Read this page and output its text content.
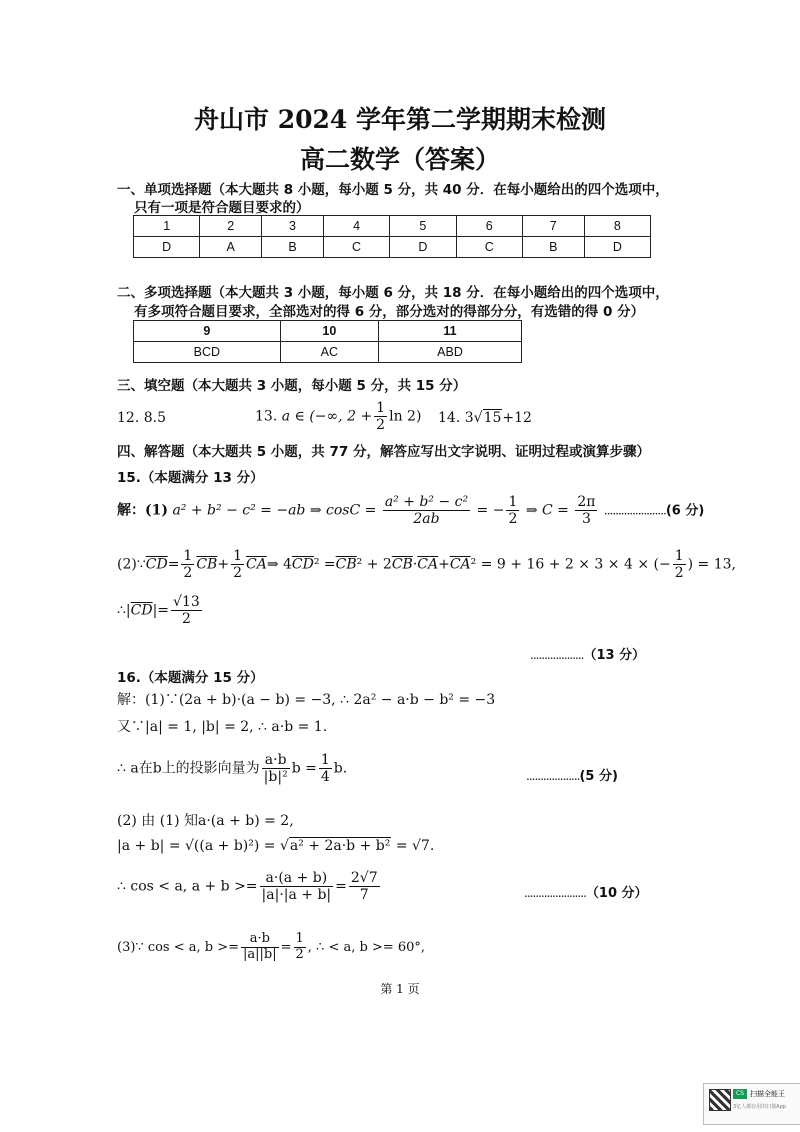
舟山市 2024 学年第二学期期末检测
高二数学（答案）
一、单项选择题（本大题共 8 小题，每小题 5 分，共 40 分．在每小题给出的四个选项中，
只有一项是符合题目要求的）
1	2	3	4	5	6	7	8
D	A	B	C	D	C	B	D
二、多项选择题（本大题共 3 小题，每小题 6 分，共 18 分．在每小题给出的四个选项中，
有多项符合题目要求，全部选对的得 6 分，部分选对的得部分分，有选错的得 0 分）
9	10	11
BCD	AC	ABD
三、填空题（本大题共 3 小题，每小题 5 分，共 15 分）
12. 8.5	13. a ∈ (−∞, $2 + \frac{1}{2}$ ln 2) 14. 3√15+12
四、解答题（本大题共 5 小题，共 77 分，解答应写出文字说明、证明过程或演算步骤）
15.（本题满分 13 分）
解：(1) a² + b² − c² = −ab ⇒ $\cos C = \frac{\text{a² + b² − c²}}{2ab}$ = − $\frac{1}{2}$ ⇒ $C = \frac{2\pi}{3} ......................(6$ 分)
$(2)\because\overline{CD}= \frac{1}{2} \overline{CB}+ \frac{1}{2}$ $\overline{CA}\Rightarrow$ $4\overline{CD}^2 =\overline{CB}^2 + 2\overline{CB}\cdot\overline{CA}+\overline{CA}^2 = 9 + 16 + 2 \times 3 \times 4$ × (− $\frac{1}{2}$ ) = 13,
$\therefore|\overline{CD}|= \frac{√13}{2}$
...................（13 分）
16.（本题满分 15 分）
解：(1)∵(2a + b)·(a − b) = −3, ∴ 2a² − a·b − b² = −3
又∵|a| = 1, |b| = 2, ∴ a·b = 1.
∴ a在b上的投影向量为 $\frac{a\cdot b}{\text{|b|²}}$ $b = \frac{1}{4} b$.	...................(5 分)
(2) 由 (1) 知a·(a + b) = 2,
|a + b| = √((a + b)²) = √a² + 2a·b + b² = √7.
∴ cos < a, $a + b >= \frac{a\cdot(a + b)}{|a|\cdot|a + b|} = \frac{2√7}{7}$	......................（10 分）
(3)∵ cos < a, $b >= \frac{a\cdot b}{|a||b|} = \frac{1}{2}$ , ∴ < a, b >= 60°,
第 1 页
CS 扫描全能王
3亿人都在用的扫描App
